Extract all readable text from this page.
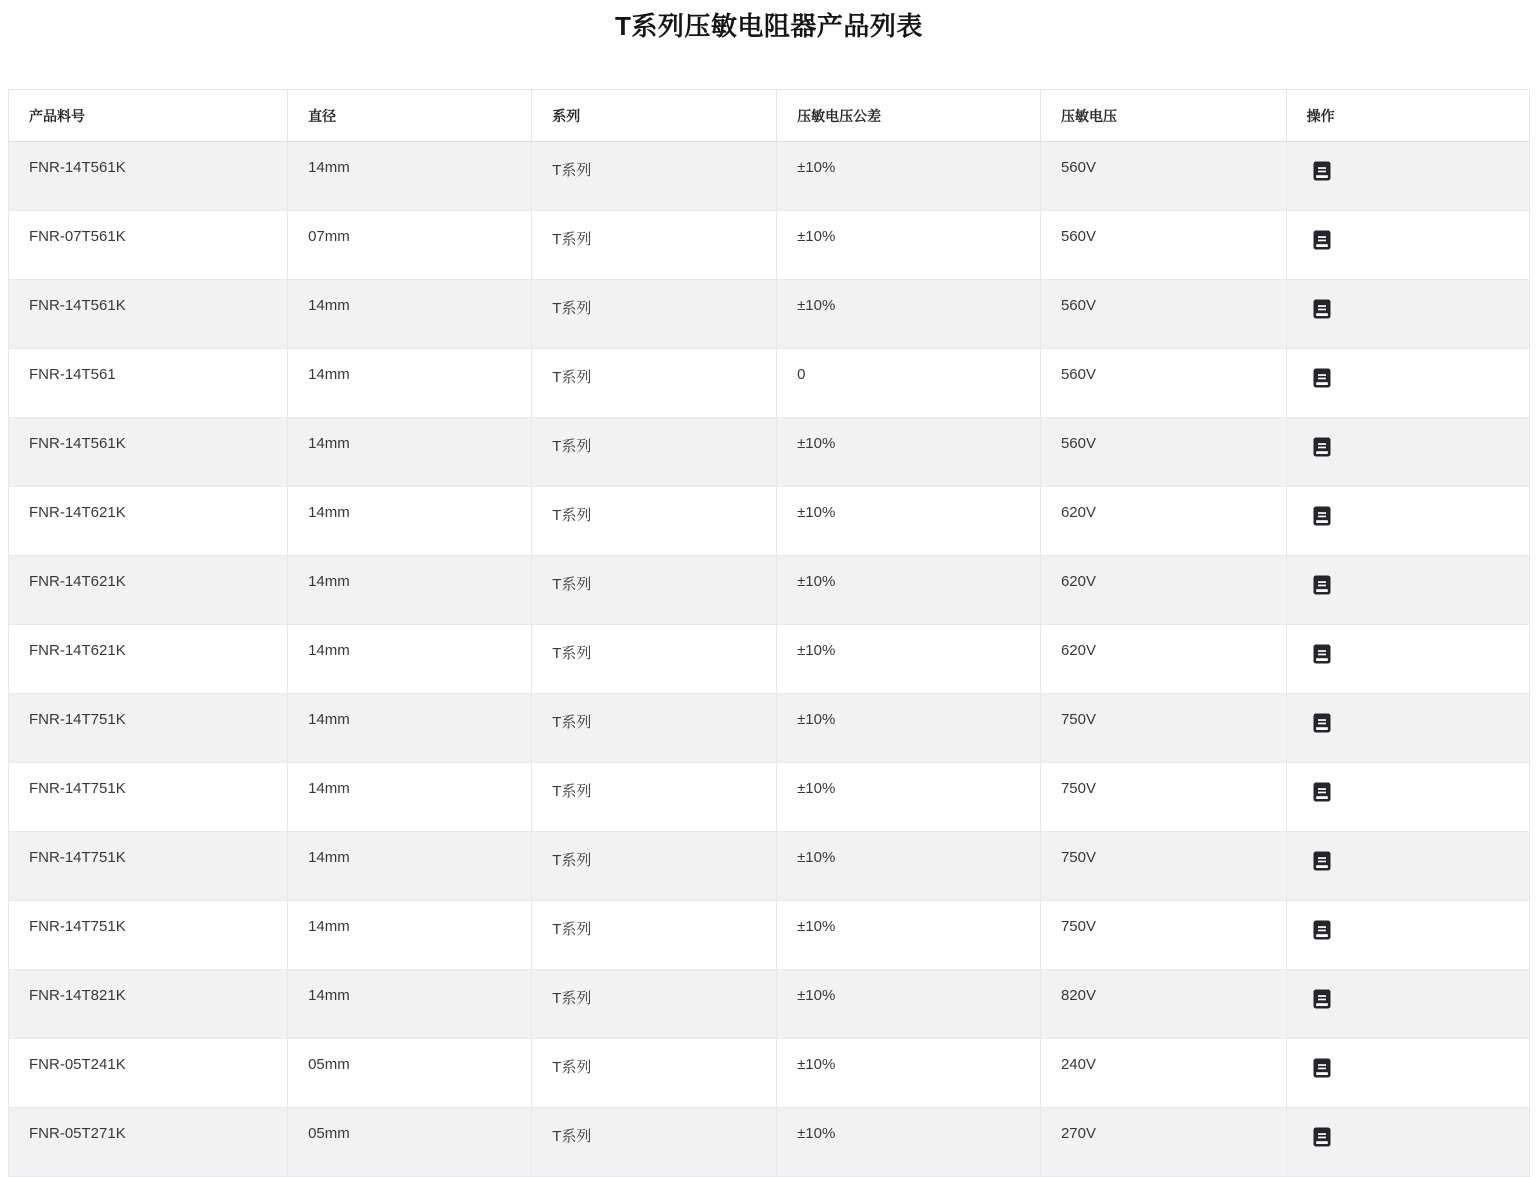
T系列压敏电阻器产品列表
产品料号	直径	系列	压敏电压公差	压敏电压	操作
FNR-14T561K	14mm	T系列	±10%	560V	
FNR-07T561K	07mm	T系列	±10%	560V	
FNR-14T561K	14mm	T系列	±10%	560V	
FNR-14T561	14mm	T系列	0	560V	
FNR-14T561K	14mm	T系列	±10%	560V	
FNR-14T621K	14mm	T系列	±10%	620V	
FNR-14T621K	14mm	T系列	±10%	620V	
FNR-14T621K	14mm	T系列	±10%	620V	
FNR-14T751K	14mm	T系列	±10%	750V	
FNR-14T751K	14mm	T系列	±10%	750V	
FNR-14T751K	14mm	T系列	±10%	750V	
FNR-14T751K	14mm	T系列	±10%	750V	
FNR-14T821K	14mm	T系列	±10%	820V	
FNR-05T241K	05mm	T系列	±10%	240V	
FNR-05T271K	05mm	T系列	±10%	270V	
